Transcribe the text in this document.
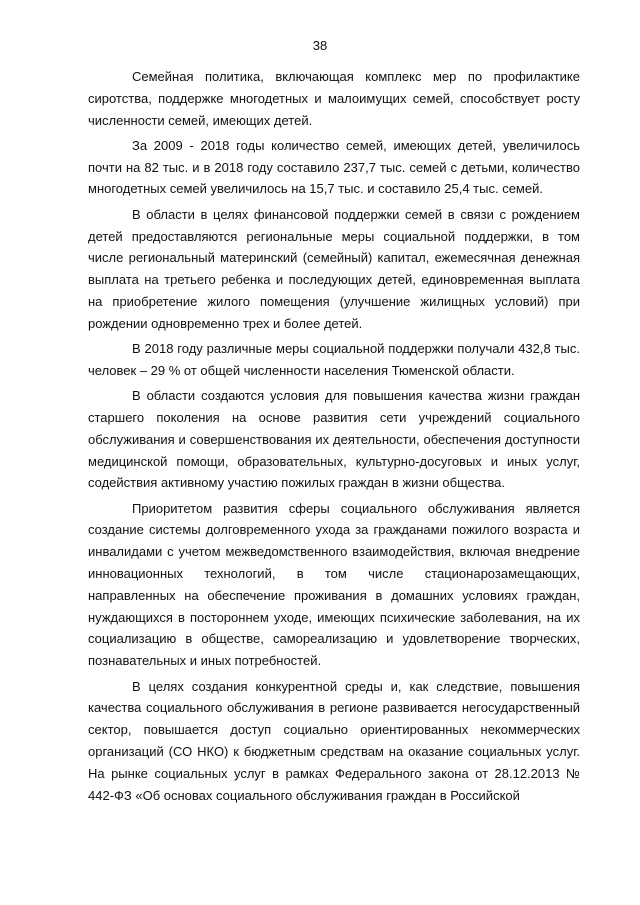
38

Семейная политика, включающая комплекс мер по профилактике сиротства, поддержке многодетных и малоимущих семей, способствует росту численности семей, имеющих детей.

За 2009 - 2018 годы количество семей, имеющих детей, увеличилось почти на 82 тыс. и в 2018 году составило 237,7 тыс. семей с детьми, количество многодетных семей увеличилось на 15,7 тыс. и составило 25,4 тыс. семей.

В области в целях финансовой поддержки семей в связи с рождением детей предоставляются региональные меры социальной поддержки, в том числе региональный материнский (семейный) капитал, ежемесячная денежная выплата на третьего ребенка и последующих детей, единовременная выплата на приобретение жилого помещения (улучшение жилищных условий) при рождении одновременно трех и более детей.

В 2018 году различные меры социальной поддержки получали 432,8 тыс. человек – 29 % от общей численности населения Тюменской области.

В области создаются условия для повышения качества жизни граждан старшего поколения на основе развития сети учреждений социального обслуживания и совершенствования их деятельности, обеспечения доступности медицинской помощи, образовательных, культурно-досуговых и иных услуг, содействия активному участию пожилых граждан в жизни общества.

Приоритетом развития сферы социального обслуживания является создание системы долговременного ухода за гражданами пожилого возраста и инвалидами с учетом межведомственного взаимодействия, включая внедрение инновационных технологий, в том числе стационарозамещающих, направленных на обеспечение проживания в домашних условиях граждан, нуждающихся в постороннем уходе, имеющих психические заболевания, на их социализацию в обществе, самореализацию и удовлетворение творческих, познавательных и иных потребностей.

В целях создания конкурентной среды и, как следствие, повышения качества социального обслуживания в регионе развивается негосударственный сектор, повышается доступ социально ориентированных некоммерческих организаций (СО НКО) к бюджетным средствам на оказание социальных услуг. На рынке социальных услуг в рамках Федерального закона от 28.12.2013 № 442-ФЗ «Об основах социального обслуживания граждан в Российской
